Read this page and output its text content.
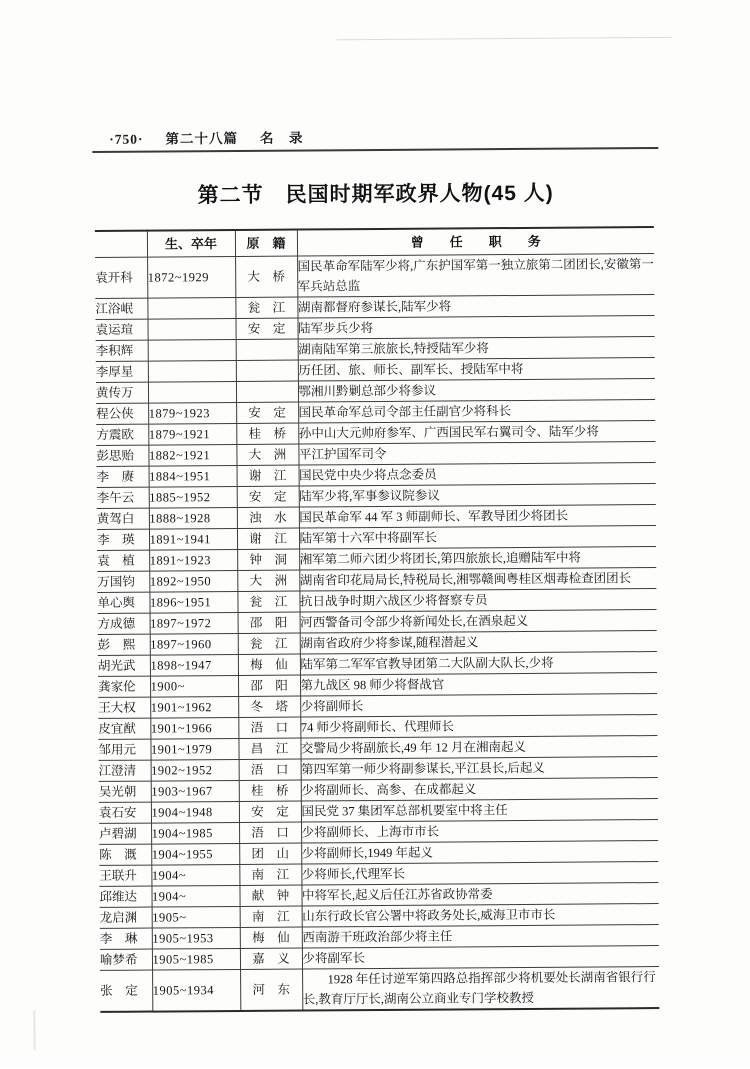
·750· 第二十八篇 名　录
第二节　民国时期军政界人物(45 人)
	生、卒年	原　籍	曾　　任　　职　　务
袁开科	1872~1929	大　桥	国民革命军陆军少将,广东护国军第一独立旅第二团团长,安徽第一军兵站总监
江浴岷		瓮　江	湖南都督府参谋长,陆军少将
袁运瑄		安　定	陆军步兵少将
李积辉			湖南陆军第三旅旅长,特授陆军少将
李厚星			历任团、旅、师长、副军长、授陆军中将
黄传万			鄂湘川黔剿总部少将参议
程公侠	1879~1923	安　定	国民革命军总司令部主任副官少将科长
方震欧	1879~1921	桂　桥	孙中山大元帅府参军、广西国民军右翼司令、陆军少将
彭思贻	1882~1921	大　洲	平江护国军司令
李　赓	1884~1951	谢　江	国民党中央少将点念委员
李午云	1885~1952	安　定	陆军少将,军事参议院参议
黄驾白	1888~1928	浊　水	国民革命军 44 军 3 师副师长、军教导团少将团长
李　瑛	1891~1941	谢　江	陆军第十六军中将副军长
袁　植	1891~1923	钟　洞	湘军第二师六团少将团长,第四旅旅长,追赠陆军中将
万国钧	1892~1950	大　洲	湖南省印花局局长,特税局长,湘鄂赣闽粤桂区烟毒检查团团长
单心舆	1896~1951	瓮　江	抗日战争时期六战区少将督察专员
方成德	1897~1972	邵　阳	河西警备司令部少将新闻处长,在酒泉起义
彭　熙	1897~1960	瓮　江	湖南省政府少将参谋,随程潜起义
胡光武	1898~1947	梅　仙	陆军第二军军官教导团第二大队副大队长,少将
龚家伦	1900~	邵　阳	第九战区 98 师少将督战官
王大权	1901~1962	冬　塔	少将副师长
皮宜猷	1901~1966	浯　口	74 师少将副师长、代理师长
邹用元	1901~1979	昌　江	交警局少将副旅长,49 年 12 月在湘南起义
江澄清	1902~1952	浯　口	第四军第一师少将副参谋长,平江县长,后起义
吴光朝	1903~1967	桂　桥	少将副师长、高参、在成都起义
袁石安	1904~1948	安　定	国民党 37 集团军总部机要室中将主任
卢碧湖	1904~1985	浯　口	少将副师长、上海市市长
陈　溉	1904~1955	团　山	少将副师长,1949 年起义
王联升	1904~	南　江	少将师长,代理军长
邱维达	1904~	献　钟	中将军长,起义后任江苏省政协常委
龙启渊	1905~	南　江	山东行政长官公署中将政务处长,威海卫市市长
李　琳	1905~1953	梅　仙	西南游干班政治部少将主任
喻梦希	1905~1985	嘉　义	少将副军长
张　定	1905~1934	河　东	1928 年任讨逆军第四路总指挥部少将机要处长湖南省银行行长,教育厅厅长,湖南公立商业专门学校教授
